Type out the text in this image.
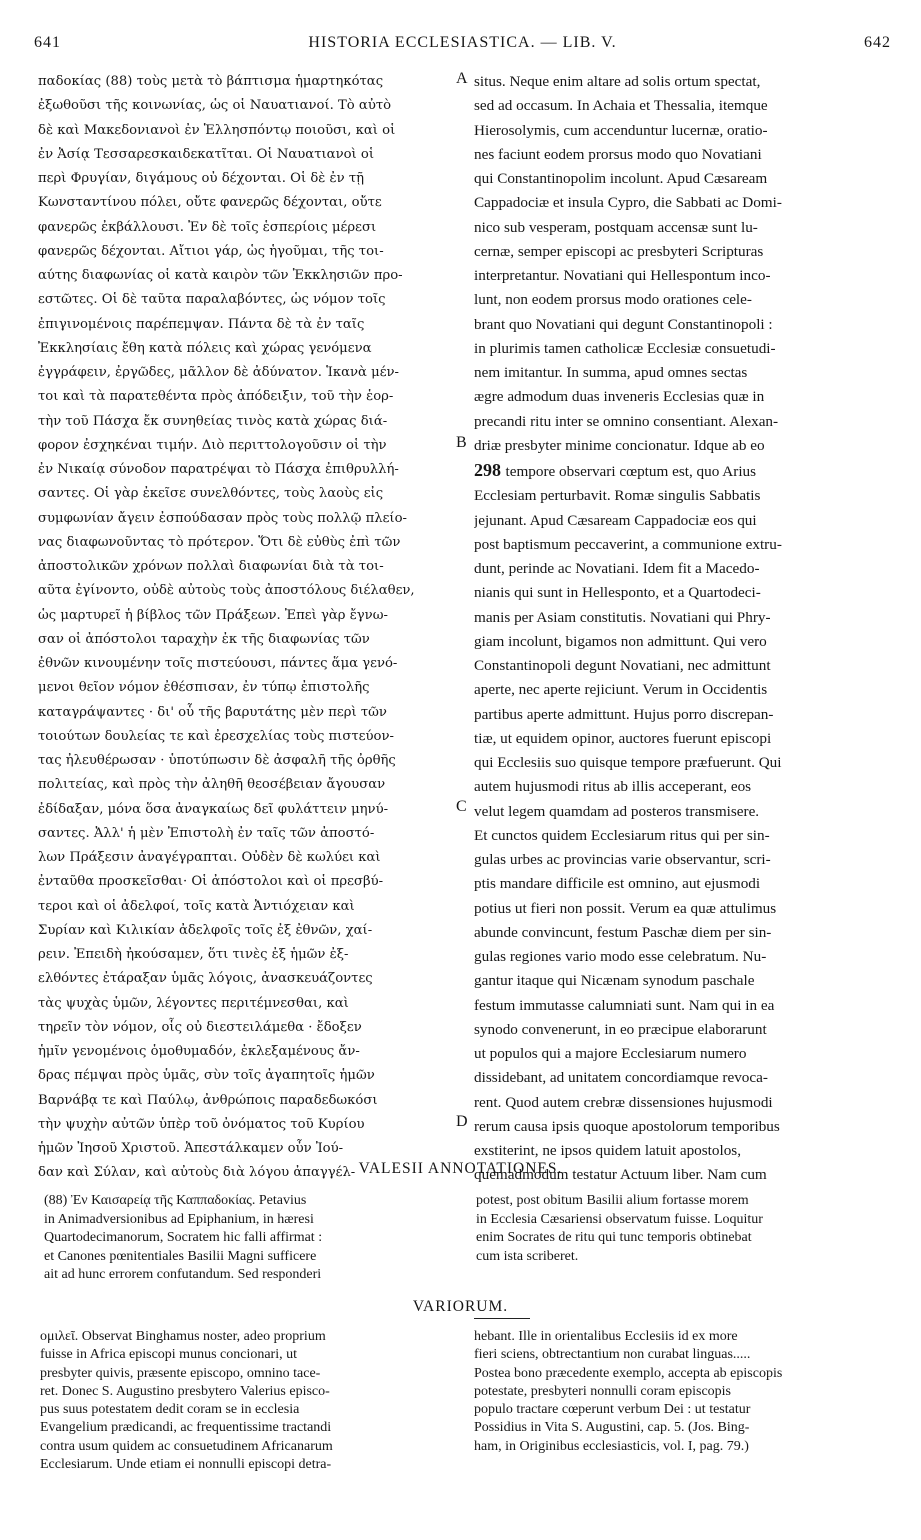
641	HISTORIA ECCLESIASTICA. — LIB. V.	642
παδοκίας (88) τοὺς μετὰ τὸ βάπτισμα ἡμαρτηκότας
ἐξωθοῦσι τῆς κοινωνίας, ὡς οἱ Ναυατιανοί. Τὸ αὐτὸ
δὲ καὶ Μακεδονιανοὶ ἐν Ἑλλησπόντῳ ποιοῦσι, καὶ οἱ
ἐν Ἀσίᾳ Τεσσαρεσκαιδεκατῖται. Οἱ Ναυατιανοὶ οἱ
περὶ Φρυγίαν, διγάμους οὐ δέχονται. Οἱ δὲ ἐν τῇ
Κωνσταντίνου πόλει, οὔτε φανερῶς δέχονται, οὔτε
φανερῶς ἐκβάλλουσι. Ἐν δὲ τοῖς ἑσπερίοις μέρεσι
φανερῶς δέχονται. Αἴτιοι γάρ, ὡς ἡγοῦμαι, τῆς τοι-
αύτης διαφωνίας οἱ κατὰ καιρὸν τῶν Ἐκκλησιῶν προ-
εστῶτες. Οἱ δὲ ταῦτα παραλαβόντες, ὡς νόμον τοῖς
ἐπιγινομένοις παρέπεμψαν. Πάντα δὲ τὰ ἐν ταῖς
Ἐκκλησίαις ἔθη κατὰ πόλεις καὶ χώρας γενόμενα
ἐγγράφειν, ἐργῶδες, μᾶλλον δὲ ἀδύνατον. Ἱκανὰ μέν-
τοι καὶ τὰ παρατεθέντα πρὸς ἀπόδειξιν, τοῦ τὴν ἑορ-
τὴν τοῦ Πάσχα ἔκ συνηθείας τινὸς κατὰ χώρας διά-
φορον ἐσχηκέναι τιμήν. Διὸ περιττολογοῦσιν οἱ τὴν
ἐν Νικαίᾳ σύνοδον παρατρέψαι τὸ Πάσχα ἐπιθρυλλή-
σαντες. Οἱ γὰρ ἐκεῖσε συνελθόντες, τοὺς λαοὺς εἰς
συμφωνίαν ἄγειν ἐσπούδασαν πρὸς τοὺς πολλῷ πλείο-
νας διαφωνοῦντας τὸ πρότερον. Ὅτι δὲ εὐθὺς ἐπὶ τῶν
ἀποστολικῶν χρόνων πολλαὶ διαφωνίαι διὰ τὰ τοι-
αῦτα ἐγίνοντο, οὐδὲ αὐτοὺς τοὺς ἀποστόλους διέλαθεν,
ὡς μαρτυρεῖ ἡ βίβλος τῶν Πράξεων. Ἐπεὶ γὰρ ἔγνω-
σαν οἱ ἀπόστολοι ταραχὴν ἐκ τῆς διαφωνίας τῶν
ἐθνῶν κινουμένην τοῖς πιστεύουσι, πάντες ἅμα γενό-
μενοι θεῖον νόμον ἐθέσπισαν, ἐν τύπῳ ἐπιστολῆς
καταγράψαντες · δι' οὗ τῆς βαρυτάτης μὲν περὶ τῶν
τοιούτων δουλείας τε καὶ ἐρεσχελίας τοὺς πιστεύον-
τας ἠλευθέρωσαν · ὑποτύπωσιν δὲ ἀσφαλῆ τῆς ὀρθῆς
πολιτείας, καὶ πρὸς τὴν ἀληθῆ θεοσέβειαν ἄγουσαν
ἐδίδαξαν, μόνα ὅσα ἀναγκαίως δεῖ φυλάττειν μηνύ-
σαντες. Ἀλλ' ἡ μὲν Ἐπιστολὴ ἐν ταῖς τῶν ἀποστό-
λων Πράξεσιν ἀναγέγραπται. Οὐδὲν δὲ κωλύει καὶ
ἐνταῦθα προσκεῖσθαι· Οἱ ἀπόστολοι καὶ οἱ πρεσβύ-
τεροι καὶ οἱ ἀδελφοί, τοῖς κατὰ Ἀντιόχειαν καὶ
Συρίαν καὶ Κιλικίαν ἀδελφοῖς τοῖς ἐξ ἐθνῶν, χαί-
ρειν. Ἐπειδὴ ἠκούσαμεν, ὅτι τινὲς ἐξ ἡμῶν ἐξ-
ελθόντες ἐτάραξαν ὑμᾶς λόγοις, ἀνασκευάζοντες
τὰς ψυχὰς ὑμῶν, λέγοντες περιτέμνεσθαι, καὶ
τηρεῖν τὸν νόμον, οἷς οὐ διεστειλάμεθα · ἔδοξεν
ἡμῖν γενομένοις ὁμοθυμαδόν, ἐκλεξαμένους ἄν-
δρας πέμψαι πρὸς ὑμᾶς, σὺν τοῖς ἀγαπητοῖς ἡμῶν
Βαρνάβᾳ τε καὶ Παύλῳ, ἀνθρώποις παραδεδωκόσι
τὴν ψυχὴν αὐτῶν ὑπὲρ τοῦ ὀνόματος τοῦ Κυρίου
ἡμῶν Ἰησοῦ Χριστοῦ. Ἀπεστάλκαμεν οὖν Ἰού-
δαν καὶ Σύλαν, καὶ αὐτοὺς διὰ λόγου ἀπαγγέλ-
situs. Neque enim altare ad solis ortum spectat,
sed ad occasum. In Achaia et Thessalia, itemque
Hierosolymis, cum accenduntur lucernæ, oratio-
nes faciunt eodem prorsus modo quo Novatiani
qui Constantinopolim incolunt. Apud Cæsaream
Cappadociæ et insula Cypro, die Sabbati ac Domi-
nico sub vesperam, postquam accensæ sunt lu-
cernæ, semper episcopi ac presbyteri Scripturas
interpretantur. Novatiani qui Hellespontum inco-
lunt, non eodem prorsus modo orationes cele-
brant quo Novatiani qui degunt Constantinopoli :
in plurimis tamen catholicæ Ecclesiæ consuetudi-
nem imitantur. In summa, apud omnes sectas
ægre admodum duas inveneris Ecclesias quæ in
precandi ritu inter se omnino consentiant. Alexan-
driæ presbyter minime concionatur. Idque ab eo
298 tempore observari cœptum est, quo Arius
Ecclesiam perturbavit. Romæ singulis Sabbatis
jejunant. Apud Cæsaream Cappadociæ eos qui
post baptismum peccaverint, a communione extru-
dunt, perinde ac Novatiani. Idem fit a Macedo-
nianis qui sunt in Hellesponto, et a Quartodeci-
manis per Asiam constitutis. Novatiani qui Phry-
giam incolunt, bigamos non admittunt. Qui vero
Constantinopoli degunt Novatiani, nec admittunt
aperte, nec aperte rejiciunt. Verum in Occidentis
partibus aperte admittunt. Hujus porro discrepan-
tiæ, ut equidem opinor, auctores fuerunt episcopi
qui Ecclesiis suo quisque tempore præfuerunt. Qui
autem hujusmodi ritus ab illis acceperant, eos
velut legem quamdam ad posteros transmisere.
Et cunctos quidem Ecclesiarum ritus qui per sin-
gulas urbes ac provincias varie observantur, scri-
ptis mandare difficile est omnino, aut ejusmodi
potius ut fieri non possit. Verum ea quæ attulimus
abunde convincunt, festum Paschæ diem per sin-
gulas regiones vario modo esse celebratum. Nu-
gantur itaque qui Nicænam synodum paschale
festum immutasse calumniati sunt. Nam qui in ea
synodo convenerunt, in eo præcipue elaborarunt
ut populos qui a majore Ecclesiarum numero
dissidebant, ad unitatem concordiamque revoca-
rent. Quod autem crebræ dissensiones hujusmodi
rerum causa ipsis quoque apostolorum temporibus
exstiterint, ne ipsos quidem latuit apostolos,
quemadmodum testatur Actuum liber. Nam cum
A
B
C
D
VALESII ANNOTATIONES.
(88) Ἐν Καισαρείᾳ τῆς Καππαδοκίας. Petavius
in Animadversionibus ad Epiphanium, in hæresi
Quartodecimanorum, Socratem hic falli affirmat :
et Canones pœnitentiales Basilii Magni sufficere
ait ad hunc errorem confutandum. Sed responderi
potest, post obitum Basilii alium fortasse morem
in Ecclesia Cæsariensi observatum fuisse. Loquitur
enim Socrates de ritu qui tunc temporis obtinebat
cum ista scriberet.
VARIORUM.
ομιλεῖ. Observat Binghamus noster, adeo proprium
fuisse in Africa episcopi munus concionari, ut
presbyter quivis, præsente episcopo, omnino tace-
ret. Donec S. Augustino presbytero Valerius episco-
pus suus potestatem dedit coram se in ecclesia
Evangelium prædicandi, ac frequentissime tractandi
contra usum quidem ac consuetudinem Africanarum
Ecclesiarum. Unde etiam ei nonnulli episcopi detra-
hebant. Ille in orientalibus Ecclesiis id ex more
fieri sciens, obtrectantium non curabat linguas.....
Postea bono præcedente exemplo, accepta ab episcopis
potestate, presbyteri nonnulli coram episcopis
populo tractare cœperunt verbum Dei : ut testatur
Possidius in Vita S. Augustini, cap. 5. (Jos. Bing-
ham, in Originibus ecclesiasticis, vol. I, pag. 79.)
